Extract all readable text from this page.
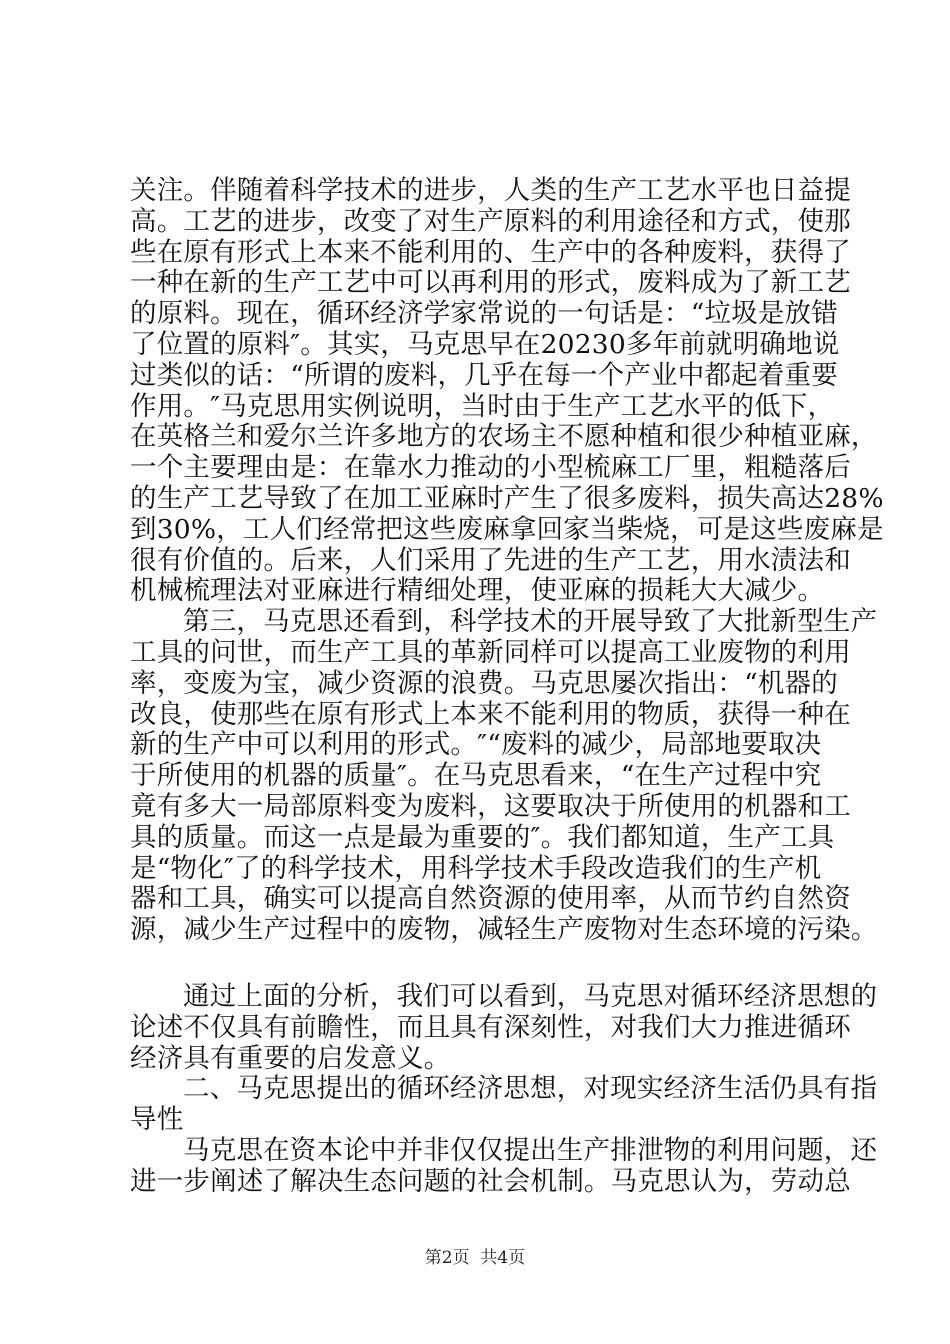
关注。伴随着科学技术的进步，人类的生产工艺水平也日益提
高。工艺的进步，改变了对生产原料的利用途径和方式，使那
些在原有形式上本来不能利用的、生产中的各种废料，获得了
一种在新的生产工艺中可以再利用的形式，废料成为了新工艺
的原料。现在，循环经济学家常说的一句话是：“垃圾是放错
了位置的原料″。其实，马克思早在20230多年前就明确地说
过类似的话：“所谓的废料，几乎在每一个产业中都起着重要
作用。″马克思用实例说明，当时由于生产工艺水平的低下，
在英格兰和爱尔兰许多地方的农场主不愿种植和很少种植亚麻，
一个主要理由是：在靠水力推动的小型梳麻工厂里，粗糙落后
的生产工艺导致了在加工亚麻时产生了很多废料，损失高达28%
到30%，工人们经常把这些废麻拿回家当柴烧，可是这些废麻是
很有价值的。后来，人们采用了先进的生产工艺，用水渍法和
机械梳理法对亚麻进行精细处理，使亚麻的损耗大大减少。
第三，马克思还看到，科学技术的开展导致了大批新型生产
工具的问世，而生产工具的革新同样可以提高工业废物的利用
率，变废为宝，减少资源的浪费。马克思屡次指出：“机器的
改良，使那些在原有形式上本来不能利用的物质，获得一种在
新的生产中可以利用的形式。″“废料的减少，局部地要取决
于所使用的机器的质量″。在马克思看来，“在生产过程中究
竟有多大一局部原料变为废料，这要取决于所使用的机器和工
具的质量。而这一点是最为重要的″。我们都知道，生产工具
是“物化″了的科学技术，用科学技术手段改造我们的生产机
器和工具，确实可以提高自然资源的使用率，从而节约自然资
源，减少生产过程中的废物，减轻生产废物对生态环境的污染。
通过上面的分析，我们可以看到，马克思对循环经济思想的
论述不仅具有前瞻性，而且具有深刻性，对我们大力推进循环
经济具有重要的启发意义。
二、马克思提出的循环经济思想，对现实经济生活仍具有指
导性
马克思在资本论中并非仅仅提出生产排泄物的利用问题，还
进一步阐述了解决生态问题的社会机制。马克思认为，劳动总
第2页  共4页
